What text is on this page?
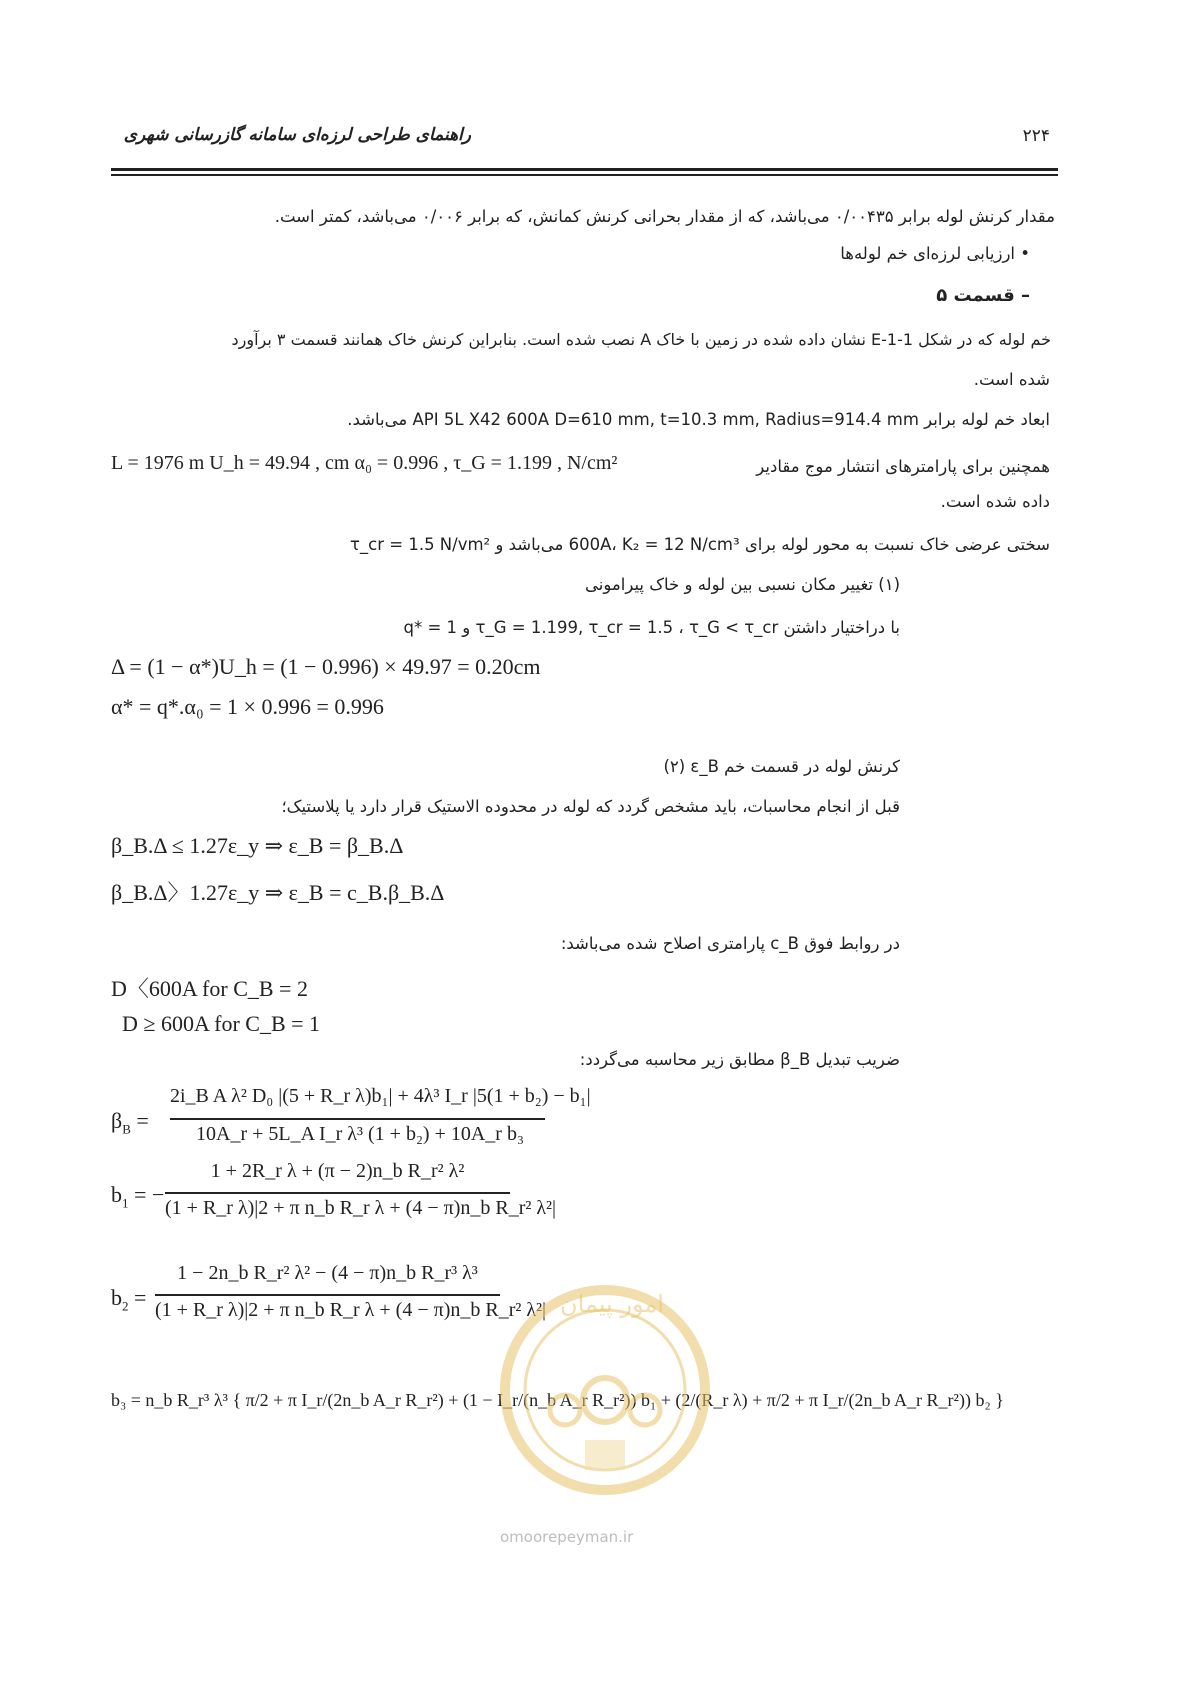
۲۲۴
راهنمای طراحی لرزه‌ای سامانه گازرسانی شهری
مقدار کرنش لوله برابر ۰/۰۰۴۳۵ می‌باشد، که از مقدار بحرانی کرنش کمانش، که برابر ۰/۰۰۶ می‌باشد، کمتر است.
• ارزیابی لرزه‌ای خم لوله‌ها
– قسمت ۵
خم لوله که در شکل E-1-1 نشان داده شده در زمین با خاک A نصب شده است. بنابراین کرنش خاک همانند قسمت ۳ برآورد
شده است.
ابعاد خم لوله برابر API 5L X42 600A D=610 mm, t=10.3 mm, Radius=914.4 mm می‌باشد.
همچنین برای پارامترهای انتشار موج مقادیر
L = 1976 m U_h = 49.94 , cm α₀ = 0.996 , τ_G = 1.199 , N/cm²
داده شده است.
سختی عرضی خاک نسبت به محور لوله برای 600A، K₂ = 12 N/cm³ می‌باشد و τ_cr = 1.5 N/vm²
(۱) تغییر مکان نسبی بین لوله و خاک پیرامونی
با دراختیار داشتن τ_G = 1.199, τ_cr = 1.5 ، τ_G < τ_cr و q* = 1
Δ = (1 − α*)U_h = (1 − 0.996) × 49.97 = 0.20cm
α* = q*.α₀ = 1 × 0.996 = 0.996
(۲) ε_B کرنش لوله در قسمت خم
قبل از انجام محاسبات، باید مشخص گردد که لوله در محدوده الاستیک قرار دارد یا پلاستیک؛
β_B.Δ ≤ 1.27ε_y ⇒ ε_B = β_B.Δ
β_B.Δ〉1.27ε_y ⇒ ε_B = c_B.β_B.Δ
در روابط فوق c_B پارامتری اصلاح شده می‌باشد:
D〈600A for C_B = 2
D ≥ 600A for C_B = 1
ضریب تبدیل β_B مطابق زیر محاسبه می‌گردد:
$\beta_B$ =
2i_B A λ² D₀ |(5 + R_r λ)b₁| + 4λ³ I_r |5(1 + b₂) − b₁|
10A_r + 5L_A I_r λ³ (1 + b₂) + 10A_r b₃
$b_1$ = −
1 + 2R_r λ + (π − 2)n_b R_r² λ²
(1 + R_r λ)|2 + π n_b R_r λ + (4 − π)n_b R_r² λ²|
$b_2$ =
1 − 2n_b R_r² λ² − (4 − π)n_b R_r³ λ³
(1 + R_r λ)|2 + π n_b R_r λ + (4 − π)n_b R_r² λ²|
b₃ = n_b R_r³ λ³ { π/2 + π I_r/(2n_b A_r R_r²) + (1 − I_r/(n_b A_r R_r²)) b₁ + (2/(R_r λ) + π/2 + π I_r/(2n_b A_r R_r²)) b₂ }
امور پیمان
omoorepeyman.ir
